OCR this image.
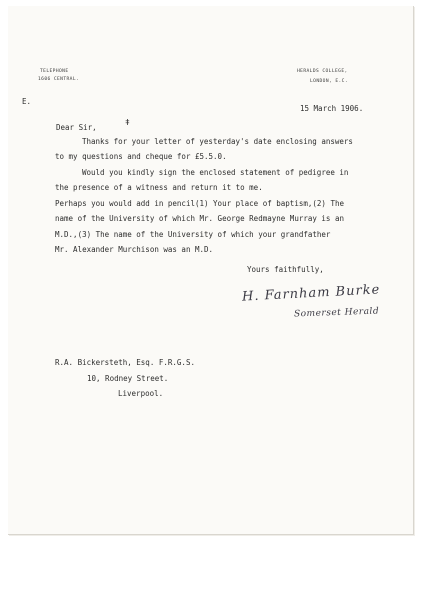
TELEPHONE
1606 CENTRAL.
HERALDS COLLEGE,
LONDON, E.C.
E.
15 March 1906.
Dear Sir,
ǂ
Thanks for your letter of yesterday's date enclosing answers
to my questions and cheque for £5.5.0.
Would you kindly sign the enclosed statement of pedigree in
the presence of a witness and return it to me.
Perhaps you would add in pencil(1) Your place of baptism,(2) The
name of the University of which Mr. George Redmayne Murray is an
M.D.,(3) The name of the University of which your grandfather
Mr. Alexander Murchison was an M.D.
Yours faithfully,
H. Farnham Burke
Somerset Herald
R.A. Bickersteth, Esq. F.R.G.S.
10, Rodney Street.
Liverpool.
